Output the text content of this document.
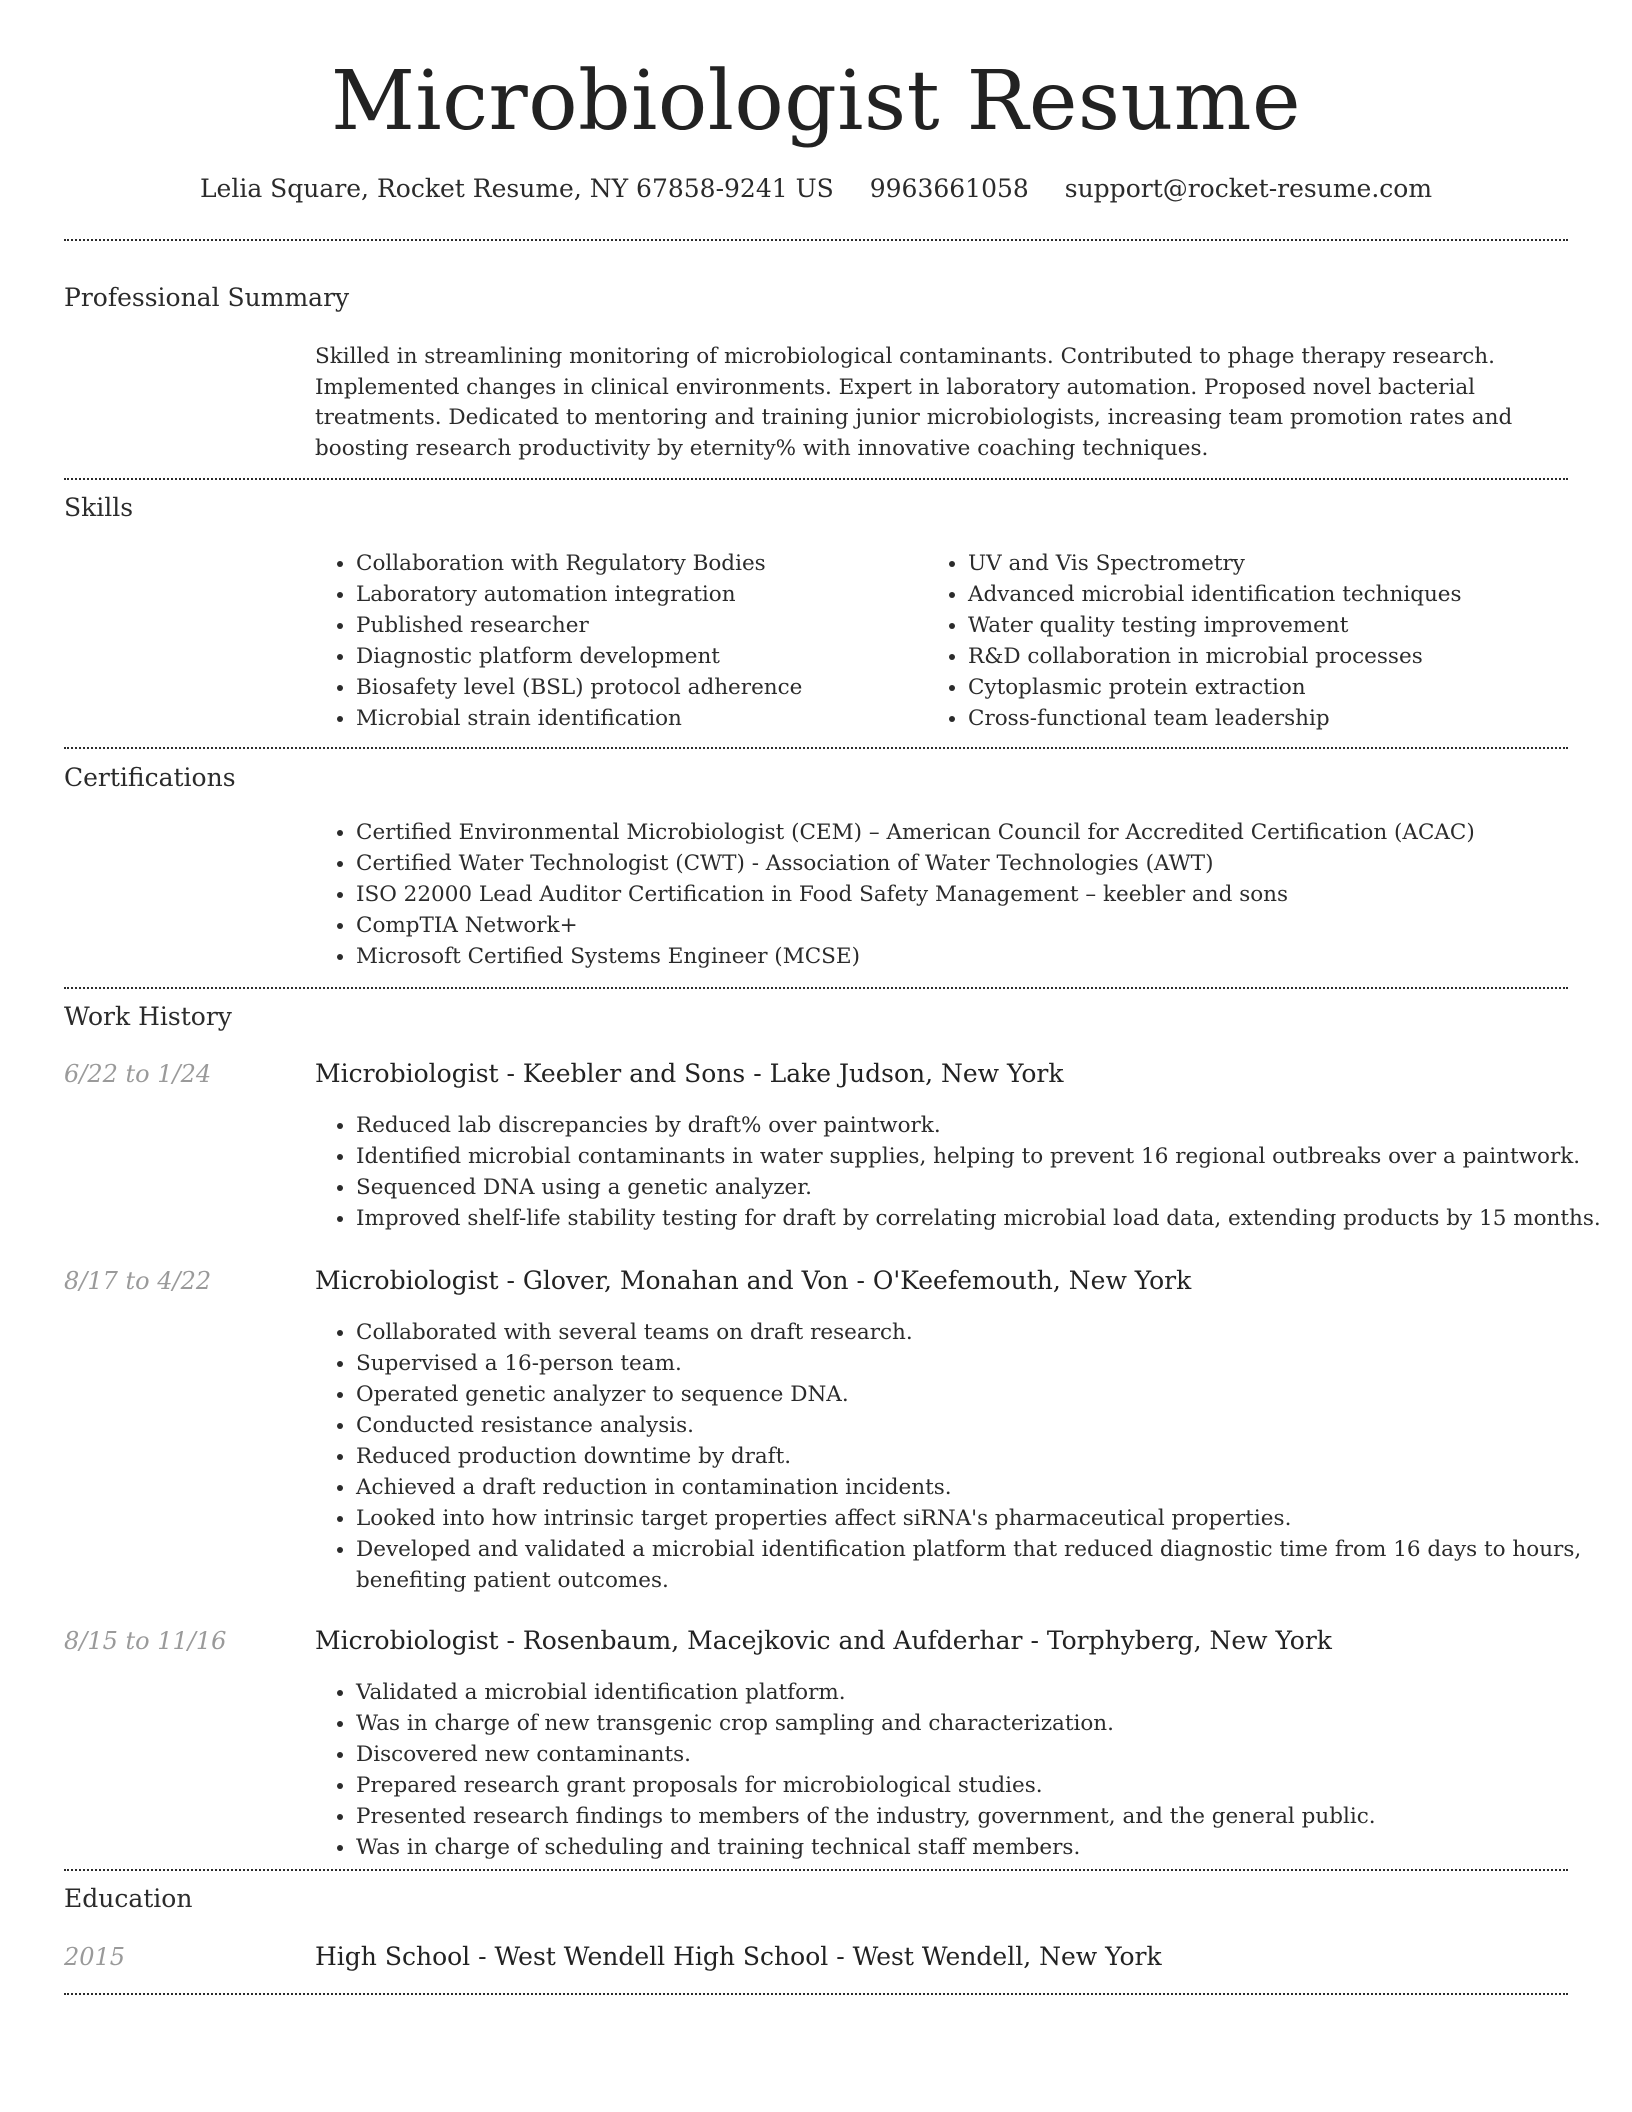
Microbiologist Resume
Lelia Square, Rocket Resume, NY 67858-9241 US 9963661058 support@rocket-resume.com
Professional Summary
Skilled in streamlining monitoring of microbiological contaminants. Contributed to phage therapy research. Implemented changes in clinical environments. Expert in laboratory automation. Proposed novel bacterial treatments. Dedicated to mentoring and training junior microbiologists, increasing team promotion rates and boosting research productivity by eternity% with innovative coaching techniques.
Skills
• Collaboration with Regulatory Bodies
• Laboratory automation integration
• Published researcher
• Diagnostic platform development
• Biosafety level (BSL) protocol adherence
• Microbial strain identification
• UV and Vis Spectrometry
• Advanced microbial identification techniques
• Water quality testing improvement
• R&D collaboration in microbial processes
• Cytoplasmic protein extraction
• Cross-functional team leadership
Certifications
• Certified Environmental Microbiologist (CEM) – American Council for Accredited Certification (ACAC)
• Certified Water Technologist (CWT) - Association of Water Technologies (AWT)
• ISO 22000 Lead Auditor Certification in Food Safety Management – keebler and sons
• CompTIA Network+
• Microsoft Certified Systems Engineer (MCSE)
Work History
6/22 to 1/24	Microbiologist - Keebler and Sons - Lake Judson, New York
• Reduced lab discrepancies by draft% over paintwork.
• Identified microbial contaminants in water supplies, helping to prevent 16 regional outbreaks over a paintwork.
• Sequenced DNA using a genetic analyzer.
• Improved shelf-life stability testing for draft by correlating microbial load data, extending products by 15 months.
8/17 to 4/22	Microbiologist - Glover, Monahan and Von - O'Keefemouth, New York
• Collaborated with several teams on draft research.
• Supervised a 16-person team.
• Operated genetic analyzer to sequence DNA.
• Conducted resistance analysis.
• Reduced production downtime by draft.
• Achieved a draft reduction in contamination incidents.
• Looked into how intrinsic target properties affect siRNA's pharmaceutical properties.
• Developed and validated a microbial identification platform that reduced diagnostic time from 16 days to hours, benefiting patient outcomes.
8/15 to 11/16	Microbiologist - Rosenbaum, Macejkovic and Aufderhar - Torphyberg, New York
• Validated a microbial identification platform.
• Was in charge of new transgenic crop sampling and characterization.
• Discovered new contaminants.
• Prepared research grant proposals for microbiological studies.
• Presented research findings to members of the industry, government, and the general public.
• Was in charge of scheduling and training technical staff members.
Education
2015	High School - West Wendell High School - West Wendell, New York
